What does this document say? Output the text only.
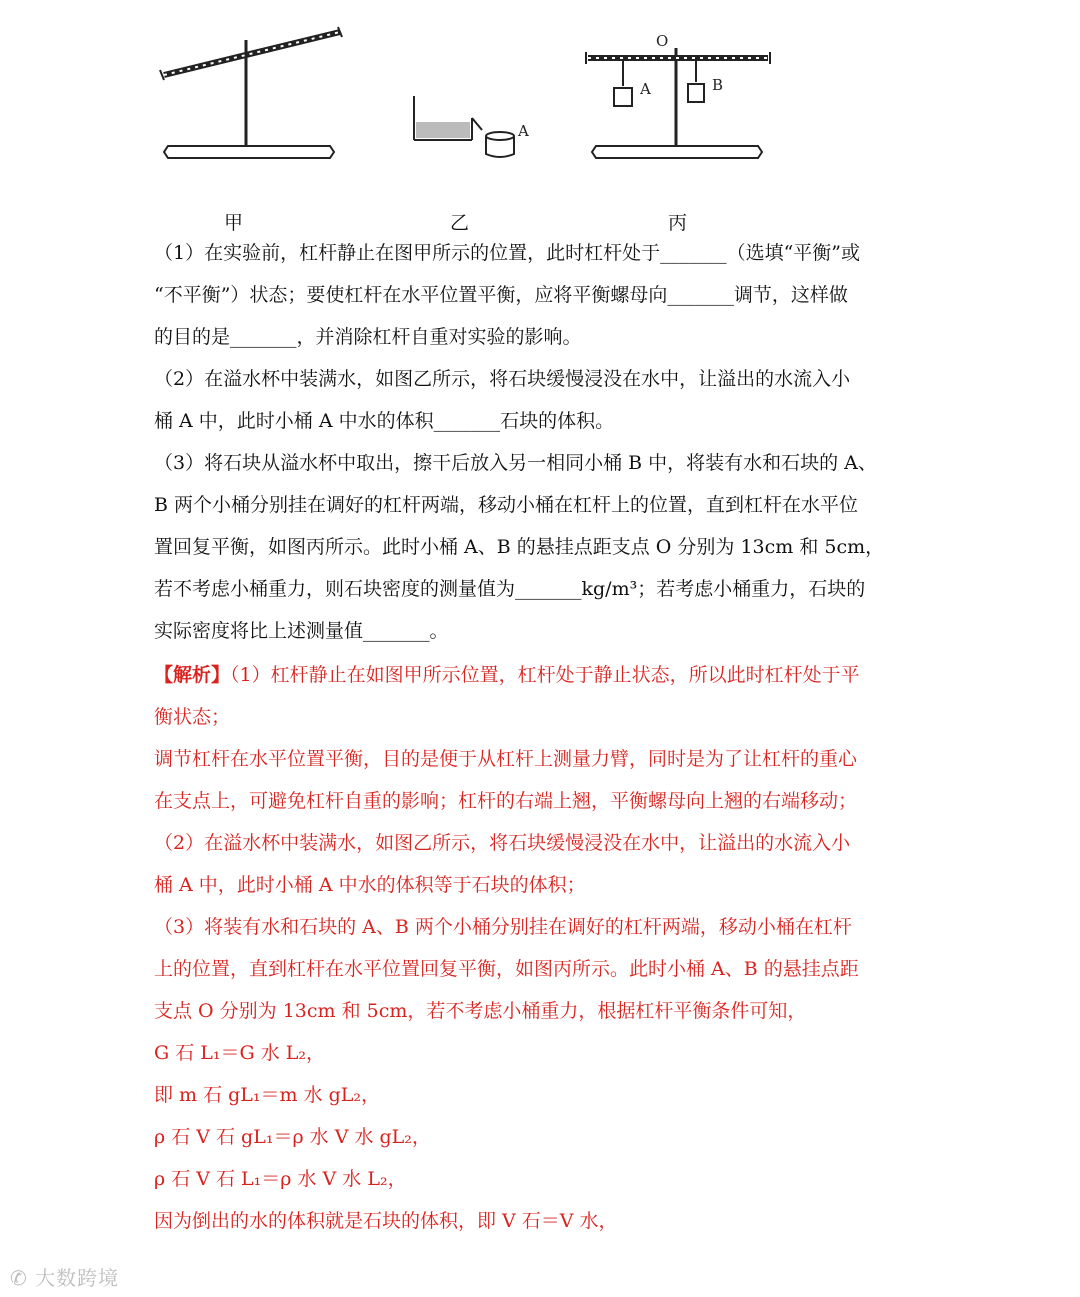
A
O
A	B
甲	乙	丙
（1）在实验前，杠杆静止在图甲所示的位置，此时杠杆处于_______（选填“平衡”或
“不平衡”）状态；要使杠杆在水平位置平衡，应将平衡螺母向_______调节，这样做
的目的是_______，并消除杠杆自重对实验的影响。
（2）在溢水杯中装满水，如图乙所示，将石块缓慢浸没在水中，让溢出的水流入小
桶 A 中，此时小桶 A 中水的体积_______石块的体积。
（3）将石块从溢水杯中取出，擦干后放入另一相同小桶 B 中，将装有水和石块的 A、
B 两个小桶分别挂在调好的杠杆两端，移动小桶在杠杆上的位置，直到杠杆在水平位
置回复平衡，如图丙所示。此时小桶 A、B 的悬挂点距支点 O 分别为 13cm 和 5cm，
若不考虑小桶重力，则石块密度的测量值为_______kg/m³；若考虑小桶重力，石块的
实际密度将比上述测量值_______。
【解析】（1）杠杆静止在如图甲所示位置，杠杆处于静止状态，所以此时杠杆处于平
衡状态；
调节杠杆在水平位置平衡，目的是便于从杠杆上测量力臂，同时是为了让杠杆的重心
在支点上，可避免杠杆自重的影响；杠杆的右端上翘，平衡螺母向上翘的右端移动；
（2）在溢水杯中装满水，如图乙所示，将石块缓慢浸没在水中，让溢出的水流入小
桶 A 中，此时小桶 A 中水的体积等于石块的体积；
（3）将装有水和石块的 A、B 两个小桶分别挂在调好的杠杆两端，移动小桶在杠杆
上的位置，直到杠杆在水平位置回复平衡，如图丙所示。此时小桶 A、B 的悬挂点距
支点 O 分别为 13cm 和 5cm，若不考虑小桶重力，根据杠杆平衡条件可知，
G 石 L₁＝G 水 L₂，
即 m 石 gL₁＝m 水 gL₂，
ρ 石 V 石 gL₁＝ρ 水 V 水 gL₂，
ρ 石 V 石 L₁＝ρ 水 V 水 L₂，
因为倒出的水的体积就是石块的体积，即 V 石＝V 水，
✆ 大数跨境
